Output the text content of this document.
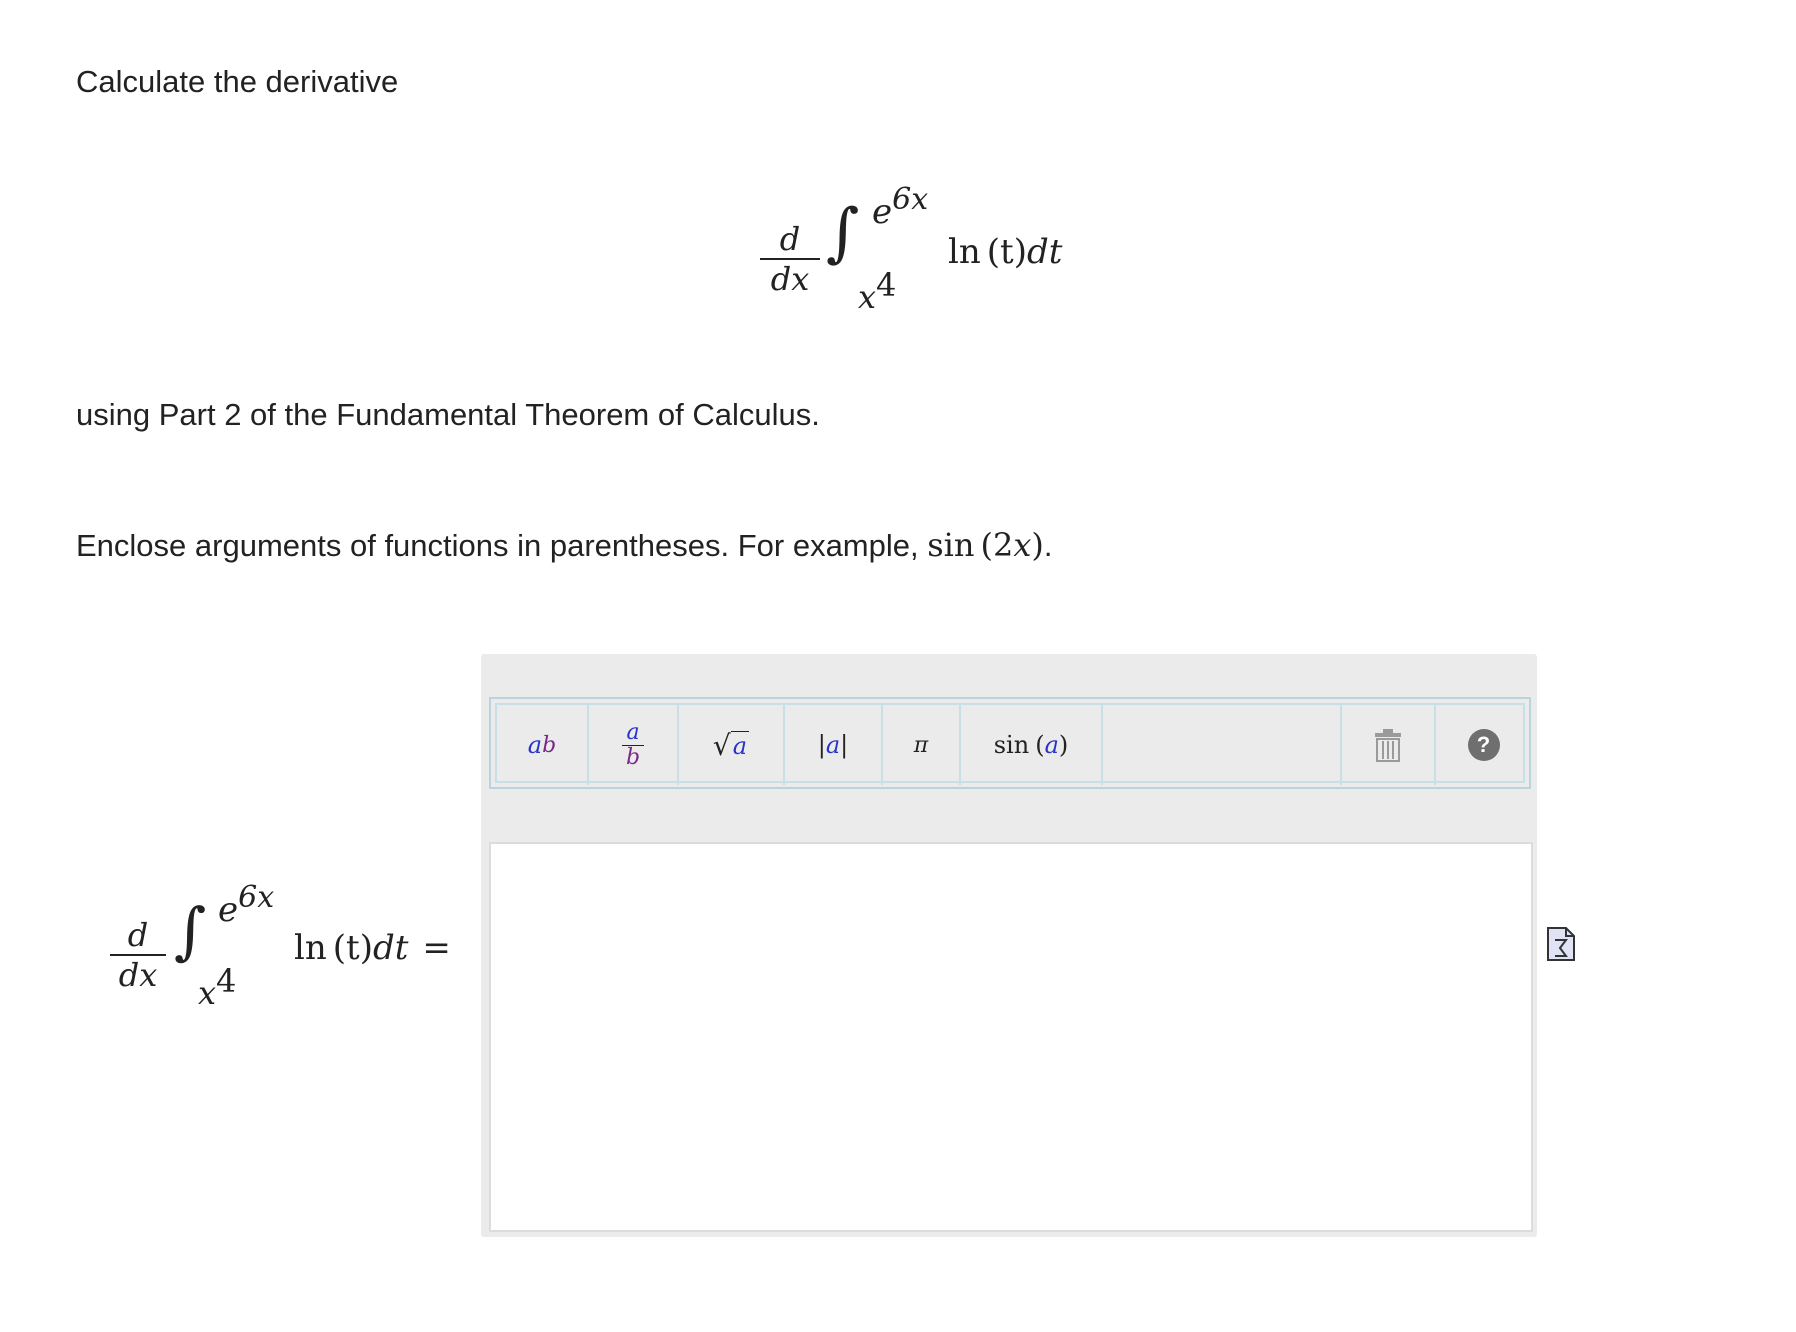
Calculate the derivative

d
dx
∫ e6x
x4
ln (t)dt

using Part 2 of the Fundamental Theorem of Calculus.

Enclose arguments of functions in parentheses. For example, sin (2x).

d
dx
∫ e6x
x4
ln (t)dt =
a b
a
b	√ a	| a |	π	sin ( a )	?
